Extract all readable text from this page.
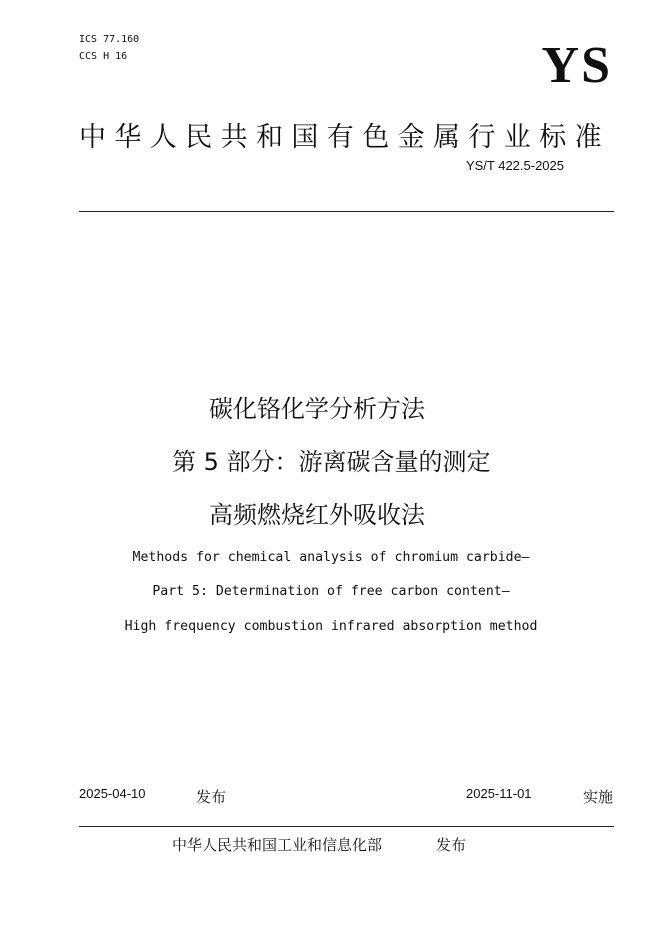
ICS 77.160
CCS H 16	YS
中华人民共和国有色金属行业标准
YS/T 422.5-2025
碳化铬化学分析方法
第 5 部分：游离碳含量的测定
高频燃烧红外吸收法
Methods for chemical analysis of chromium carbide—
Part 5: Determination of free carbon content—
High frequency combustion infrared absorption method
2025-04-10	发布	2025-11-01	实施
中华人民共和国工业和信息化部	发布
